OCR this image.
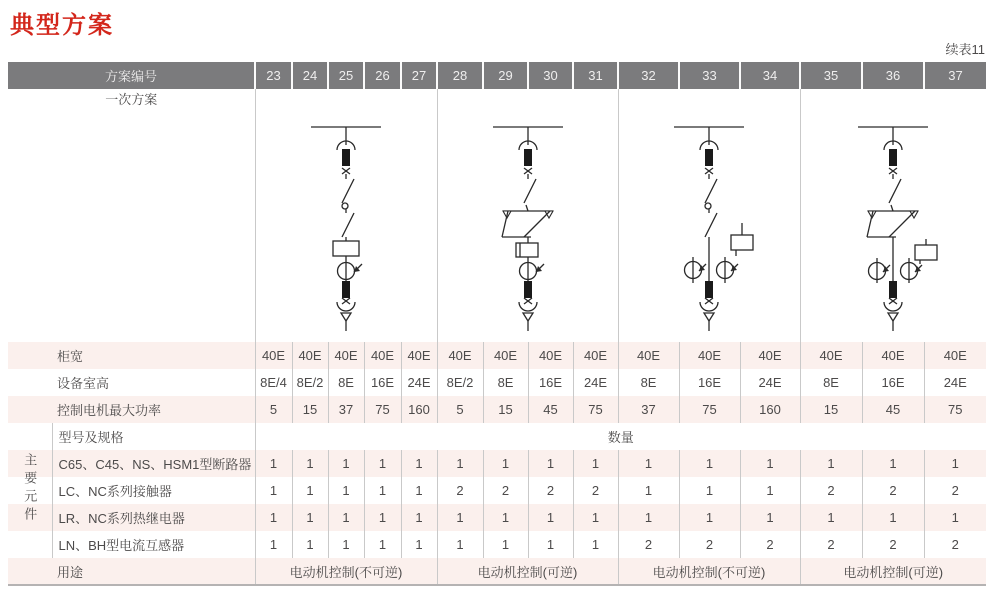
典型方案
续表11
方案编号		23	24	25	26	27	28	29	30	31	32	33	34	35	36	37
一次方案				
柜宽		40E	40E	40E	40E	40E	40E	40E	40E	40E	40E	40E	40E	40E	40E	40E
设备室高		8E/4	8E/2	8E	16E	24E	8E/2	8E	16E	24E	8E	16E	24E	8E	16E	24E
控制电机最大功率		5	15	37	75	160	5	15	45	75	37	75	160	15	45	75
主要元件	型号及规格	数量														
	C65、C45、NS、HSM1型断路器	1	1	1	1	1	1	1	1	1	1	1	1	1	1	1
	LC、NC系列接触器	1	1	1	1	1	2	2	2	2	1	1	1	2	2	2
	LR、NC系列热继电器	1	1	1	1	1	1	1	1	1	1	1	1	1	1	1
	LN、BH型电流互感器	1	1	1	1	1	1	1	1	1	2	2	2	2	2	2
用途		电动机控制(不可逆)					电动机控制(可逆)				电动机控制(不可逆)			电动机控制(可逆)		
